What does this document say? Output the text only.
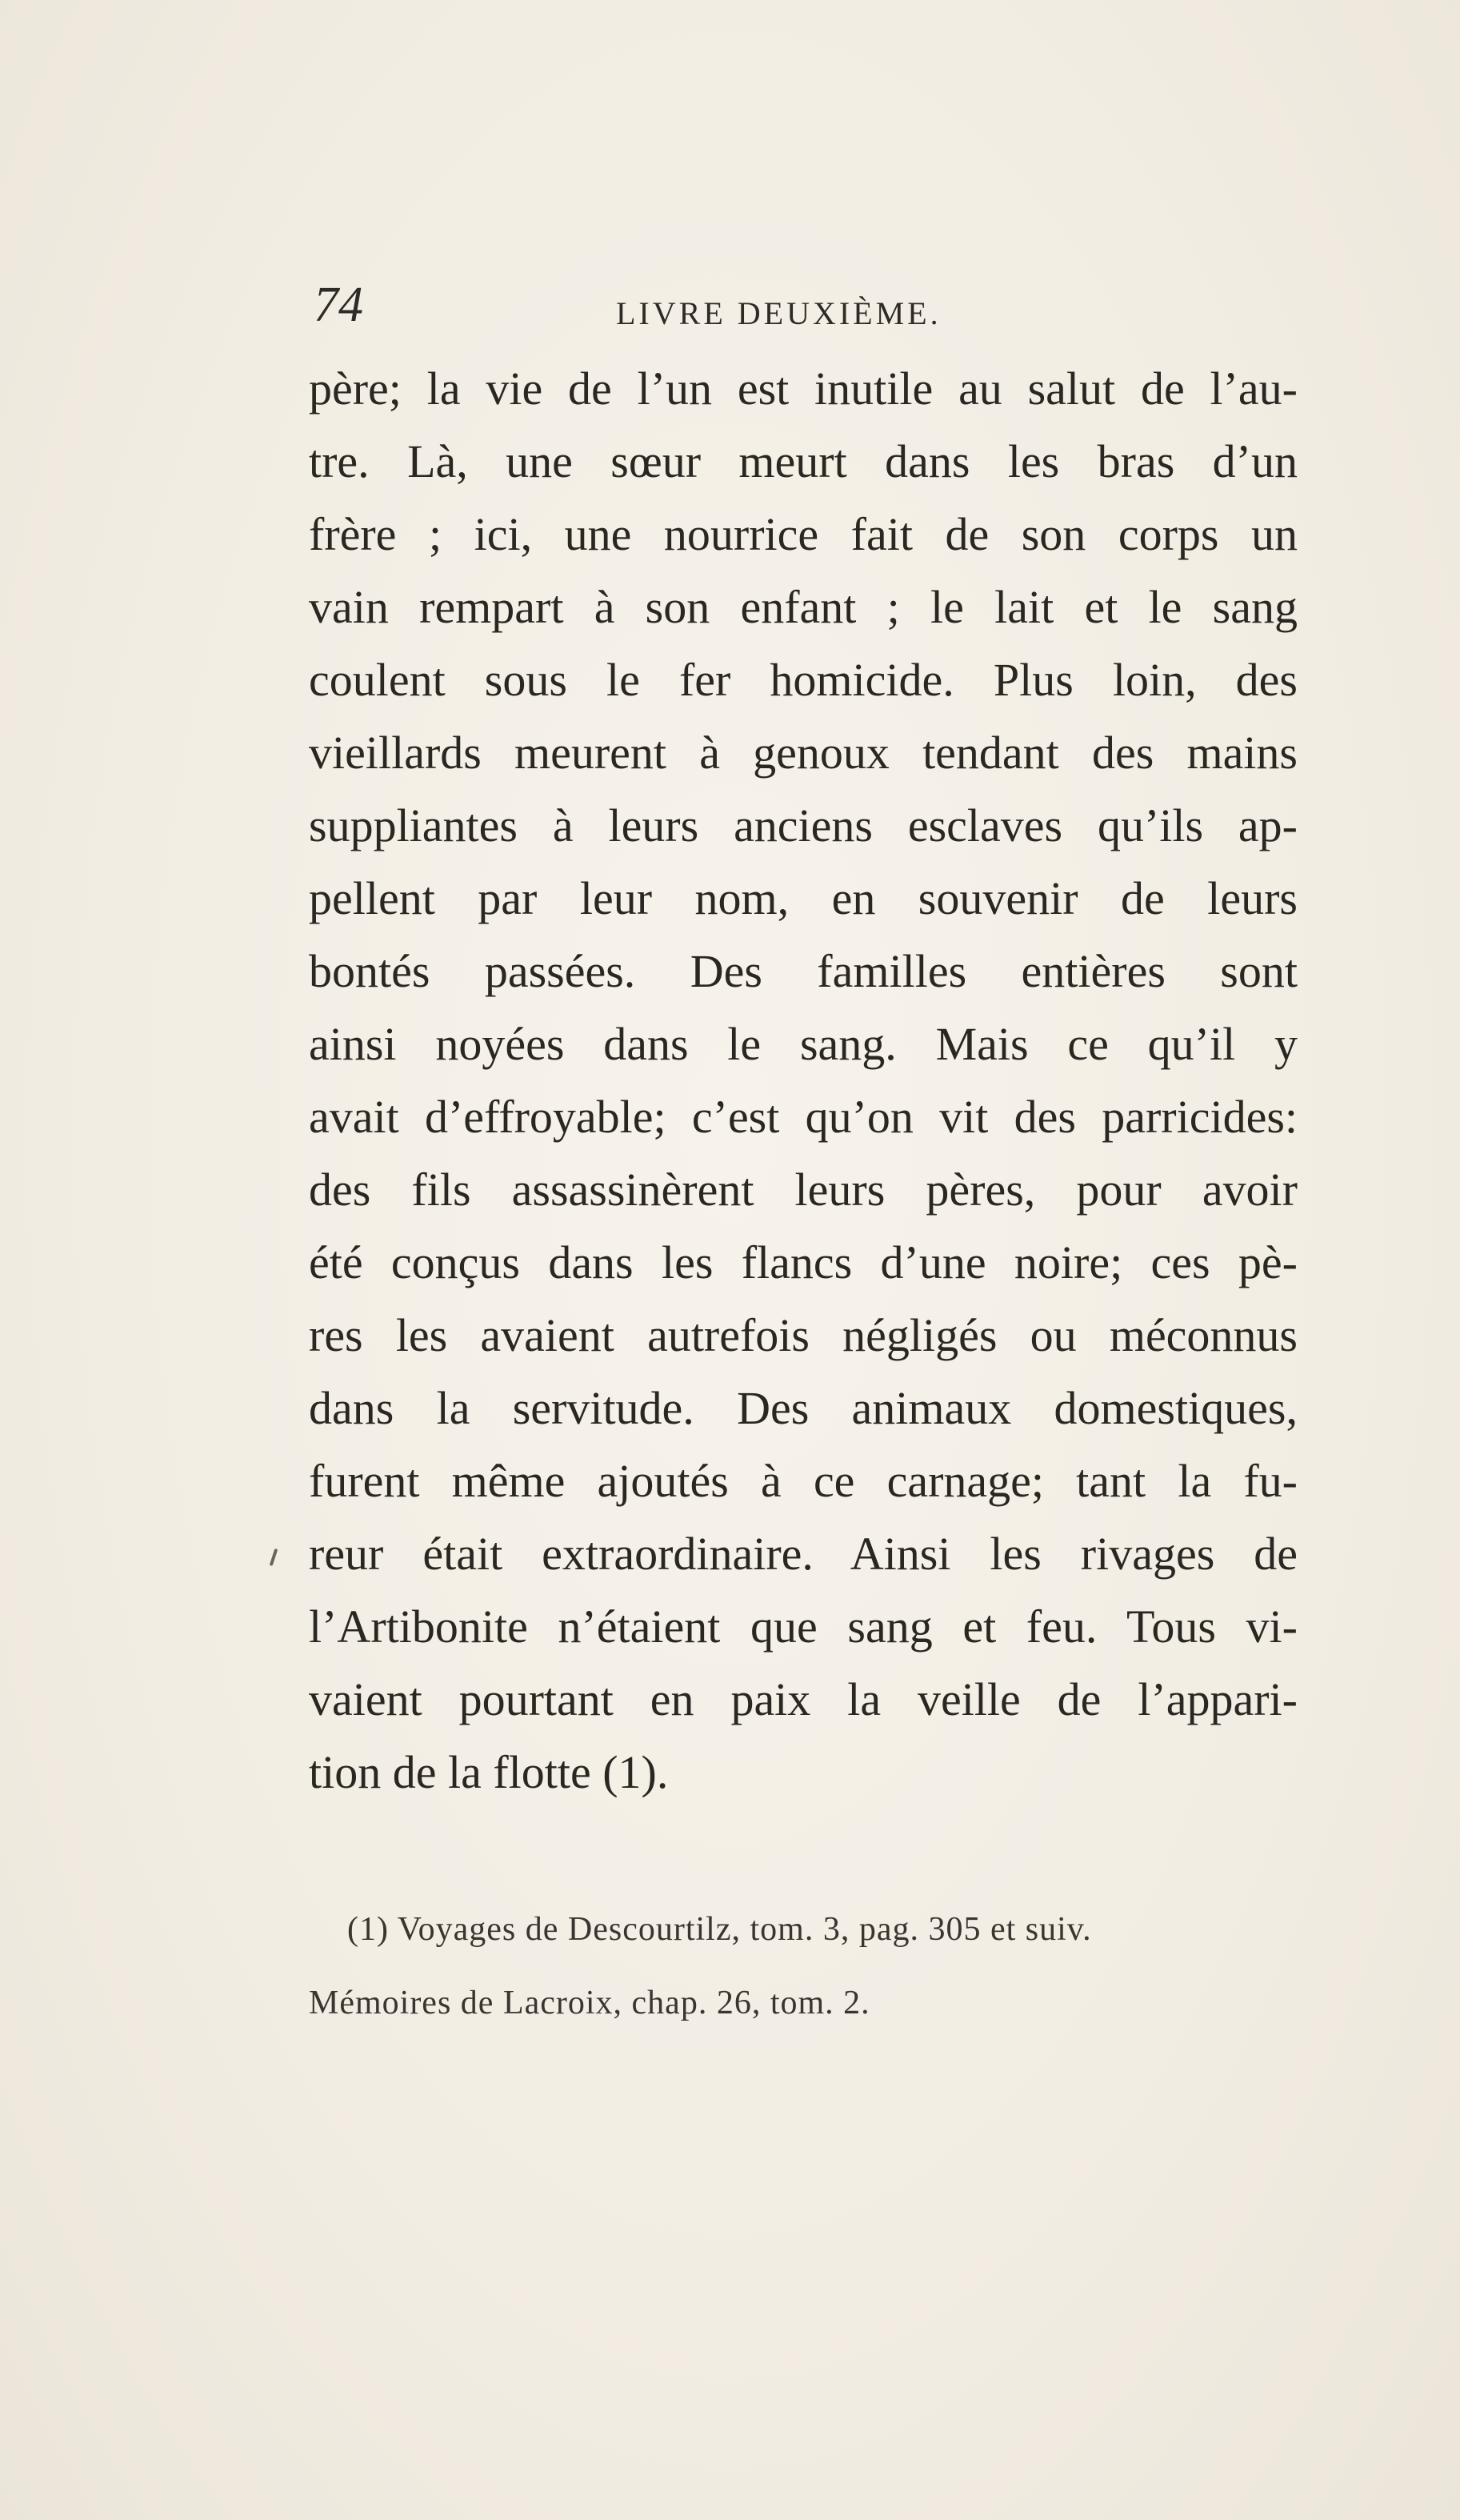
74	LIVRE DEUXIÈME.
père; la vie de l’un est inutile au salut de l’au-
tre. Là, une sœur meurt dans les bras d’un
frère ; ici, une nourrice fait de son corps un
vain rempart à son enfant ; le lait et le sang
coulent sous le fer homicide. Plus loin, des
vieillards meurent à genoux tendant des mains
suppliantes à leurs anciens esclaves qu’ils ap-
pellent par leur nom, en souvenir de leurs
bontés passées. Des familles entières sont
ainsi noyées dans le sang. Mais ce qu’il y
avait d’effroyable; c’est qu’on vit des parricides:
des fils assassinèrent leurs pères, pour avoir
été conçus dans les flancs d’une noire; ces pè-
res les avaient autrefois négligés ou méconnus
dans la servitude. Des animaux domestiques,
furent même ajoutés à ce carnage; tant la fu-
reur était extraordinaire. Ainsi les rivages de
l’Artibonite n’étaient que sang et feu. Tous vi-
vaient pourtant en paix la veille de l’appari-
tion de la flotte (1).
(1) Voyages de Descourtilz, tom. 3, pag. 305 et suiv.
Mémoires de Lacroix, chap. 26, tom. 2.
